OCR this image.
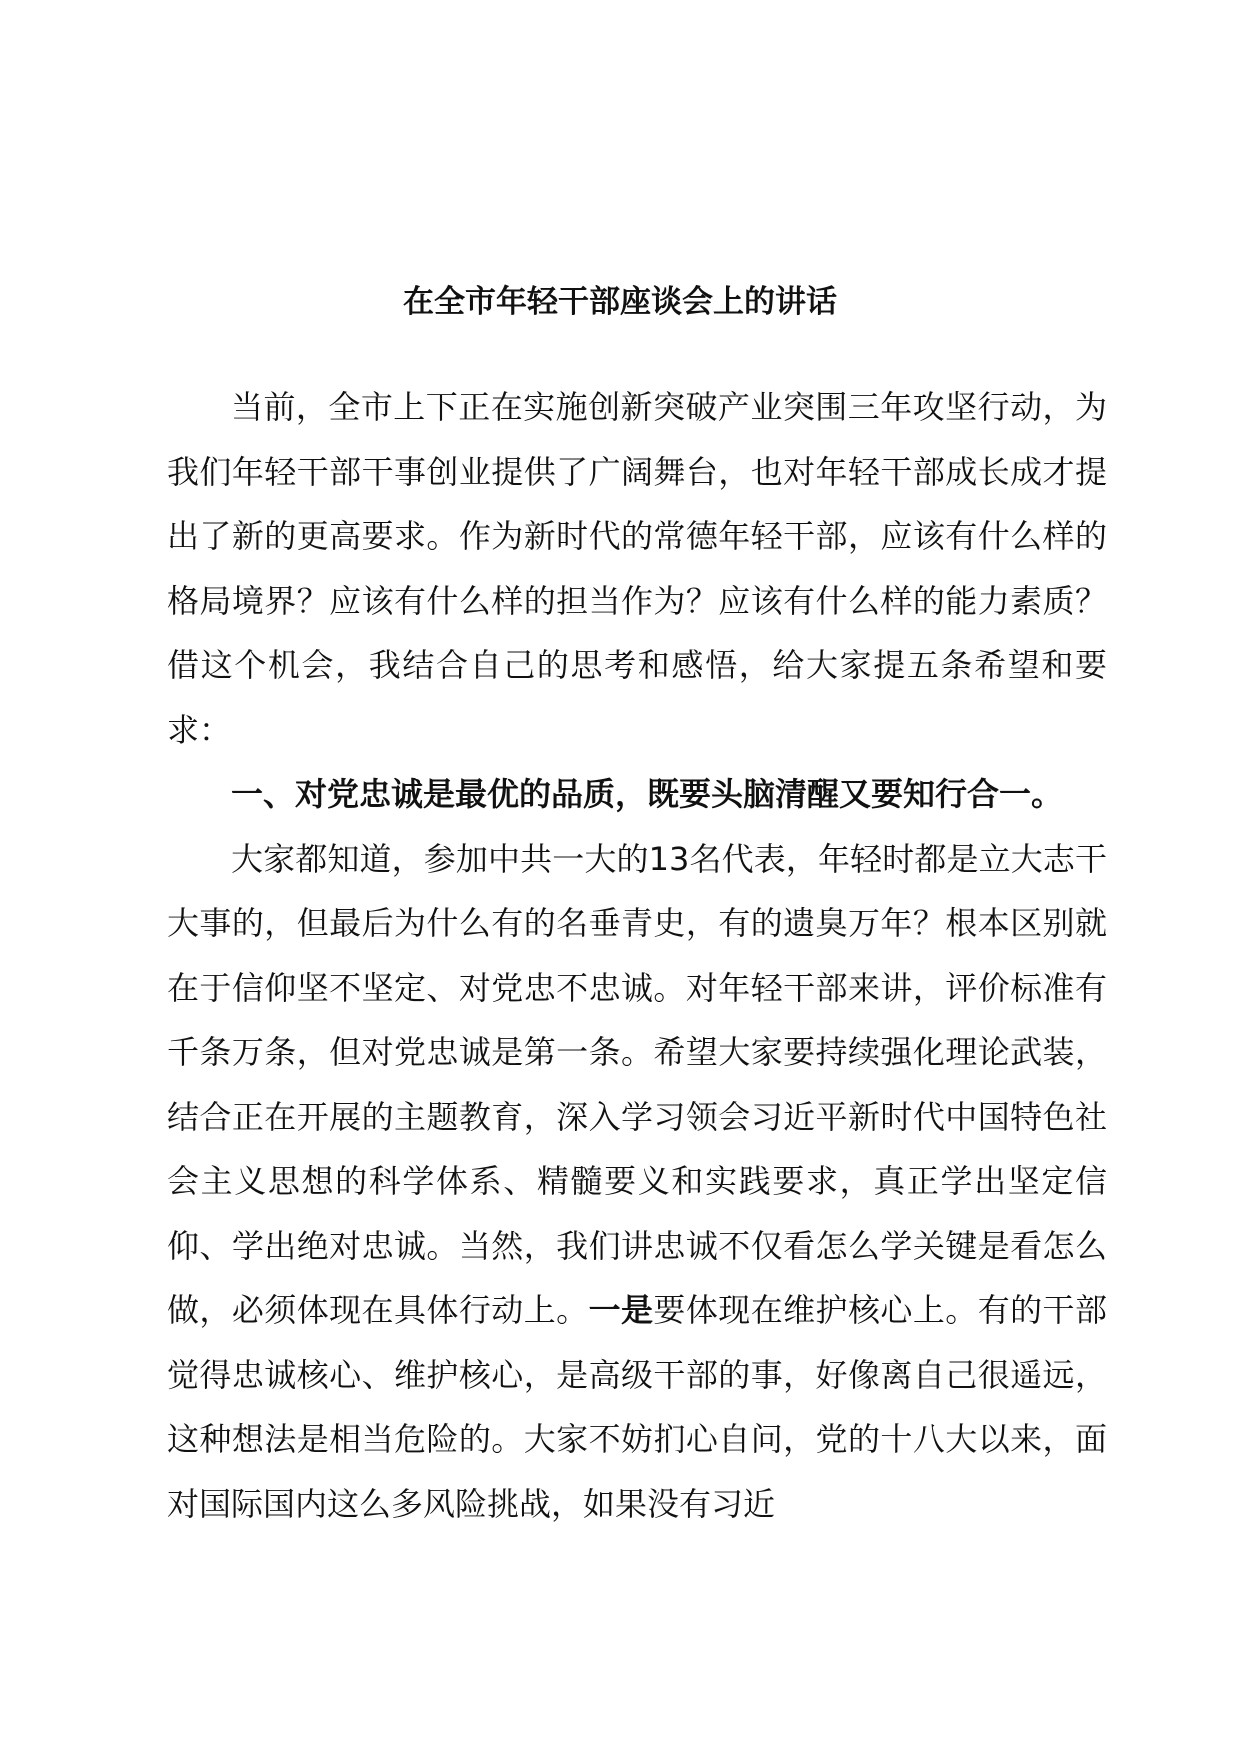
在全市年轻干部座谈会上的讲话

当前，全市上下正在实施创新突破产业突围三年攻坚行动，为我们年轻干部干事创业提供了广阔舞台，也对年轻干部成长成才提出了新的更高要求。作为新时代的常德年轻干部，应该有什么样的格局境界？应该有什么样的担当作为？应该有什么样的能力素质？借这个机会，我结合自己的思考和感悟，给大家提五条希望和要求：

一、对党忠诚是最优的品质，既要头脑清醒又要知行合一。

大家都知道，参加中共一大的13名代表，年轻时都是立大志干大事的，但最后为什么有的名垂青史，有的遗臭万年？根本区别就在于信仰坚不坚定、对党忠不忠诚。对年轻干部来讲，评价标准有千条万条，但对党忠诚是第一条。希望大家要持续强化理论武装，结合正在开展的主题教育，深入学习领会习近平新时代中国特色社会主义思想的科学体系、精髓要义和实践要求，真正学出坚定信仰、学出绝对忠诚。当然，我们讲忠诚不仅看怎么学关键是看怎么做，必须体现在具体行动上。一是要体现在维护核心上。有的干部觉得忠诚核心、维护核心，是高级干部的事，好像离自己很遥远，这种想法是相当危险的。大家不妨扪心自问，党的十八大以来，面对国际国内这么多风险挑战，如果没有习近
